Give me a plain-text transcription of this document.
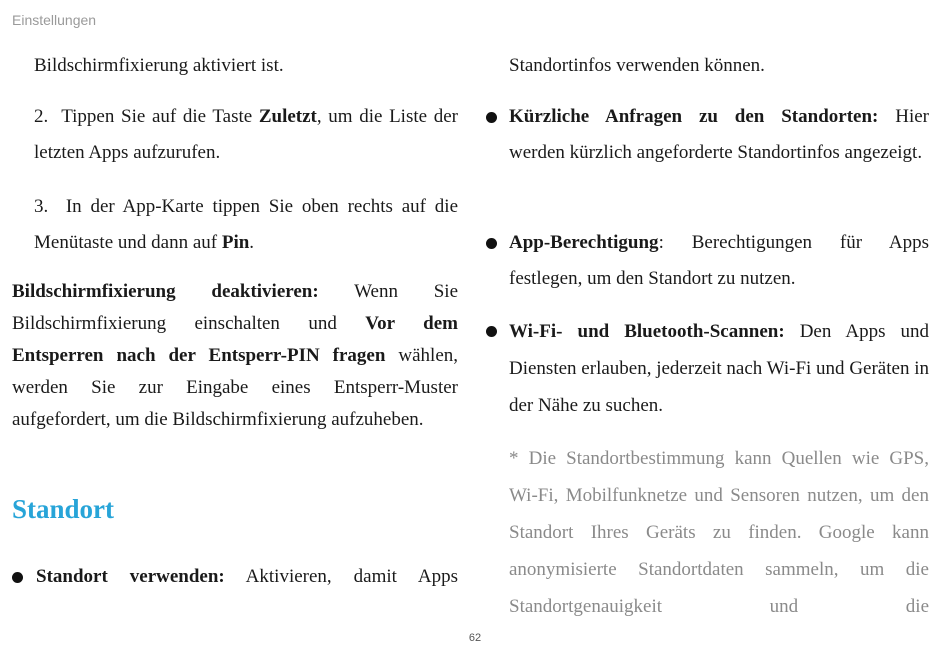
Einstellungen

Bildschirmfixierung aktiviert ist.

2. Tippen Sie auf die Taste Zuletzt, um die Liste der letzten Apps aufzurufen.

3. In der App-Karte tippen Sie oben rechts auf die Menütaste und dann auf Pin.

Bildschirmfixierung deaktivieren: Wenn Sie Bildschirmfixierung einschalten und Vor dem Entsperren nach der Entsperr-PIN fragen wählen, werden Sie zur Eingabe eines Entsperr-Muster aufgefordert, um die Bildschirmfixierung aufzuheben.

Standort

Standort verwenden: Aktivieren, damit Apps

Standortinfos verwenden können.

Kürzliche Anfragen zu den Standorten: Hier werden kürzlich angeforderte Standortinfos angezeigt.

App-Berechtigung: Berechtigungen für Apps festlegen, um den Standort zu nutzen.

Wi-Fi- und Bluetooth-Scannen: Den Apps und Diensten erlauben, jederzeit nach Wi-Fi und Geräten in der Nähe zu suchen.

* Die Standortbestimmung kann Quellen wie GPS, Wi-Fi, Mobilfunknetze und Sensoren nutzen, um den Standort Ihres Geräts zu finden. Google kann anonymisierte Standortdaten sammeln, um die Standortgenauigkeit und die

62
